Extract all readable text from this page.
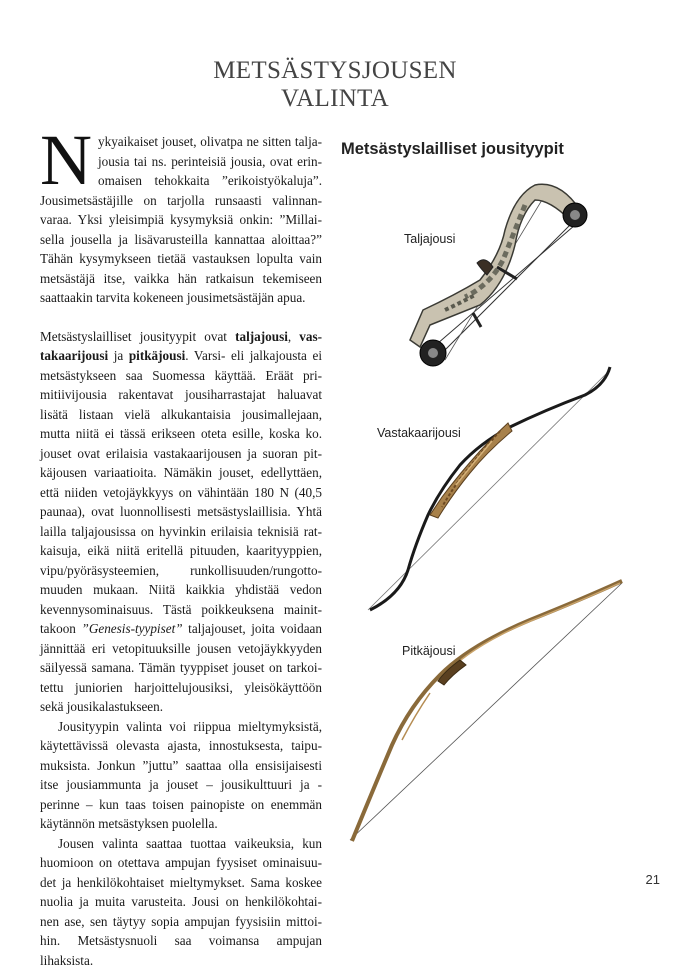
METSÄSTYSJOUSEN
VALINTA

Nykyaikaiset jouset, olivatpa ne sitten talja-jousia tai ns. perinteisiä jousia, ovat erin-omaisen tehokkaita ”erikoistyökaluja”. Jousimetsästäjille on tarjolla runsaasti valinnan-varaa. Yksi yleisimpiä kysymyksiä onkin: ”Millai-sella jousella ja lisävarusteilla kannattaa aloittaa?” Tähän kysymykseen tietää vastauksen lopulta vain metsästäjä itse, vaikka hän ratkaisun tekemiseen saattaakin tarvita kokeneen jousimetsästäjän apua.

Metsästyslailliset jousityypit ovat taljajousi, vas-takaarijousi ja pitkäjousi. Varsi- eli jalkajousta ei metsästykseen saa Suomessa käyttää. Eräät pri-mitiivijousia rakentavat jousiharrastajat haluavat lisätä listaan vielä alkukantaisia jousimallejaan, mutta niitä ei tässä erikseen oteta esille, koska ko. jouset ovat erilaisia vastakaarijousen ja suoran pit-käjousen variaatioita. Nämäkin jouset, edellyttäen, että niiden vetojäykkyys on vähintään 180 N (40,5 paunaa), ovat luonnollisesti metsästyslaillisia. Yhtä lailla taljajousissa on hyvinkin erilaisia teknisiä rat-kaisuja, eikä niitä eritellä pituuden, kaarityyppien, vipu/pyöräsysteemien, runkollisuuden/rungotto-muuden mukaan. Niitä kaikkia yhdistää vedon kevennysominaisuus. Tästä poikkeuksena mainit-takoon ”Genesis-tyypiset” taljajouset, joita voidaan jännittää eri vetopituuksille jousen vetojäykkyyden säilyessä samana. Tämän tyyppiset jouset on tarkoi-tettu juniorien harjoittelujousiksi, yleisökäyttöön sekä jousikalastukseen.

Jousityypin valinta voi riippua mieltymyksistä, käytettävissä olevasta ajasta, innostuksesta, taipu-muksista. Jonkun ”juttu” saattaa olla ensisijaisesti itse jousiammunta ja jouset – jousikulttuuri ja -perinne – kun taas toisen painopiste on enemmän käytännön metsästyksen puolella.

Jousen valinta saattaa tuottaa vaikeuksia, kun huomioon on otettava ampujan fyysiset ominaisuu-det ja henkilökohtaiset mieltymykset. Sama koskee nuolia ja muita varusteita. Jousi on henkilökohtai-nen ase, sen täytyy sopia ampujan fyysisiin mittoi-hin. Metsästysnuoli saa voimansa ampujan lihaksista.

Metsästyslailliset jousityypit
Taljajousi
Vastakaarijousi
Pitkäjousi
21
